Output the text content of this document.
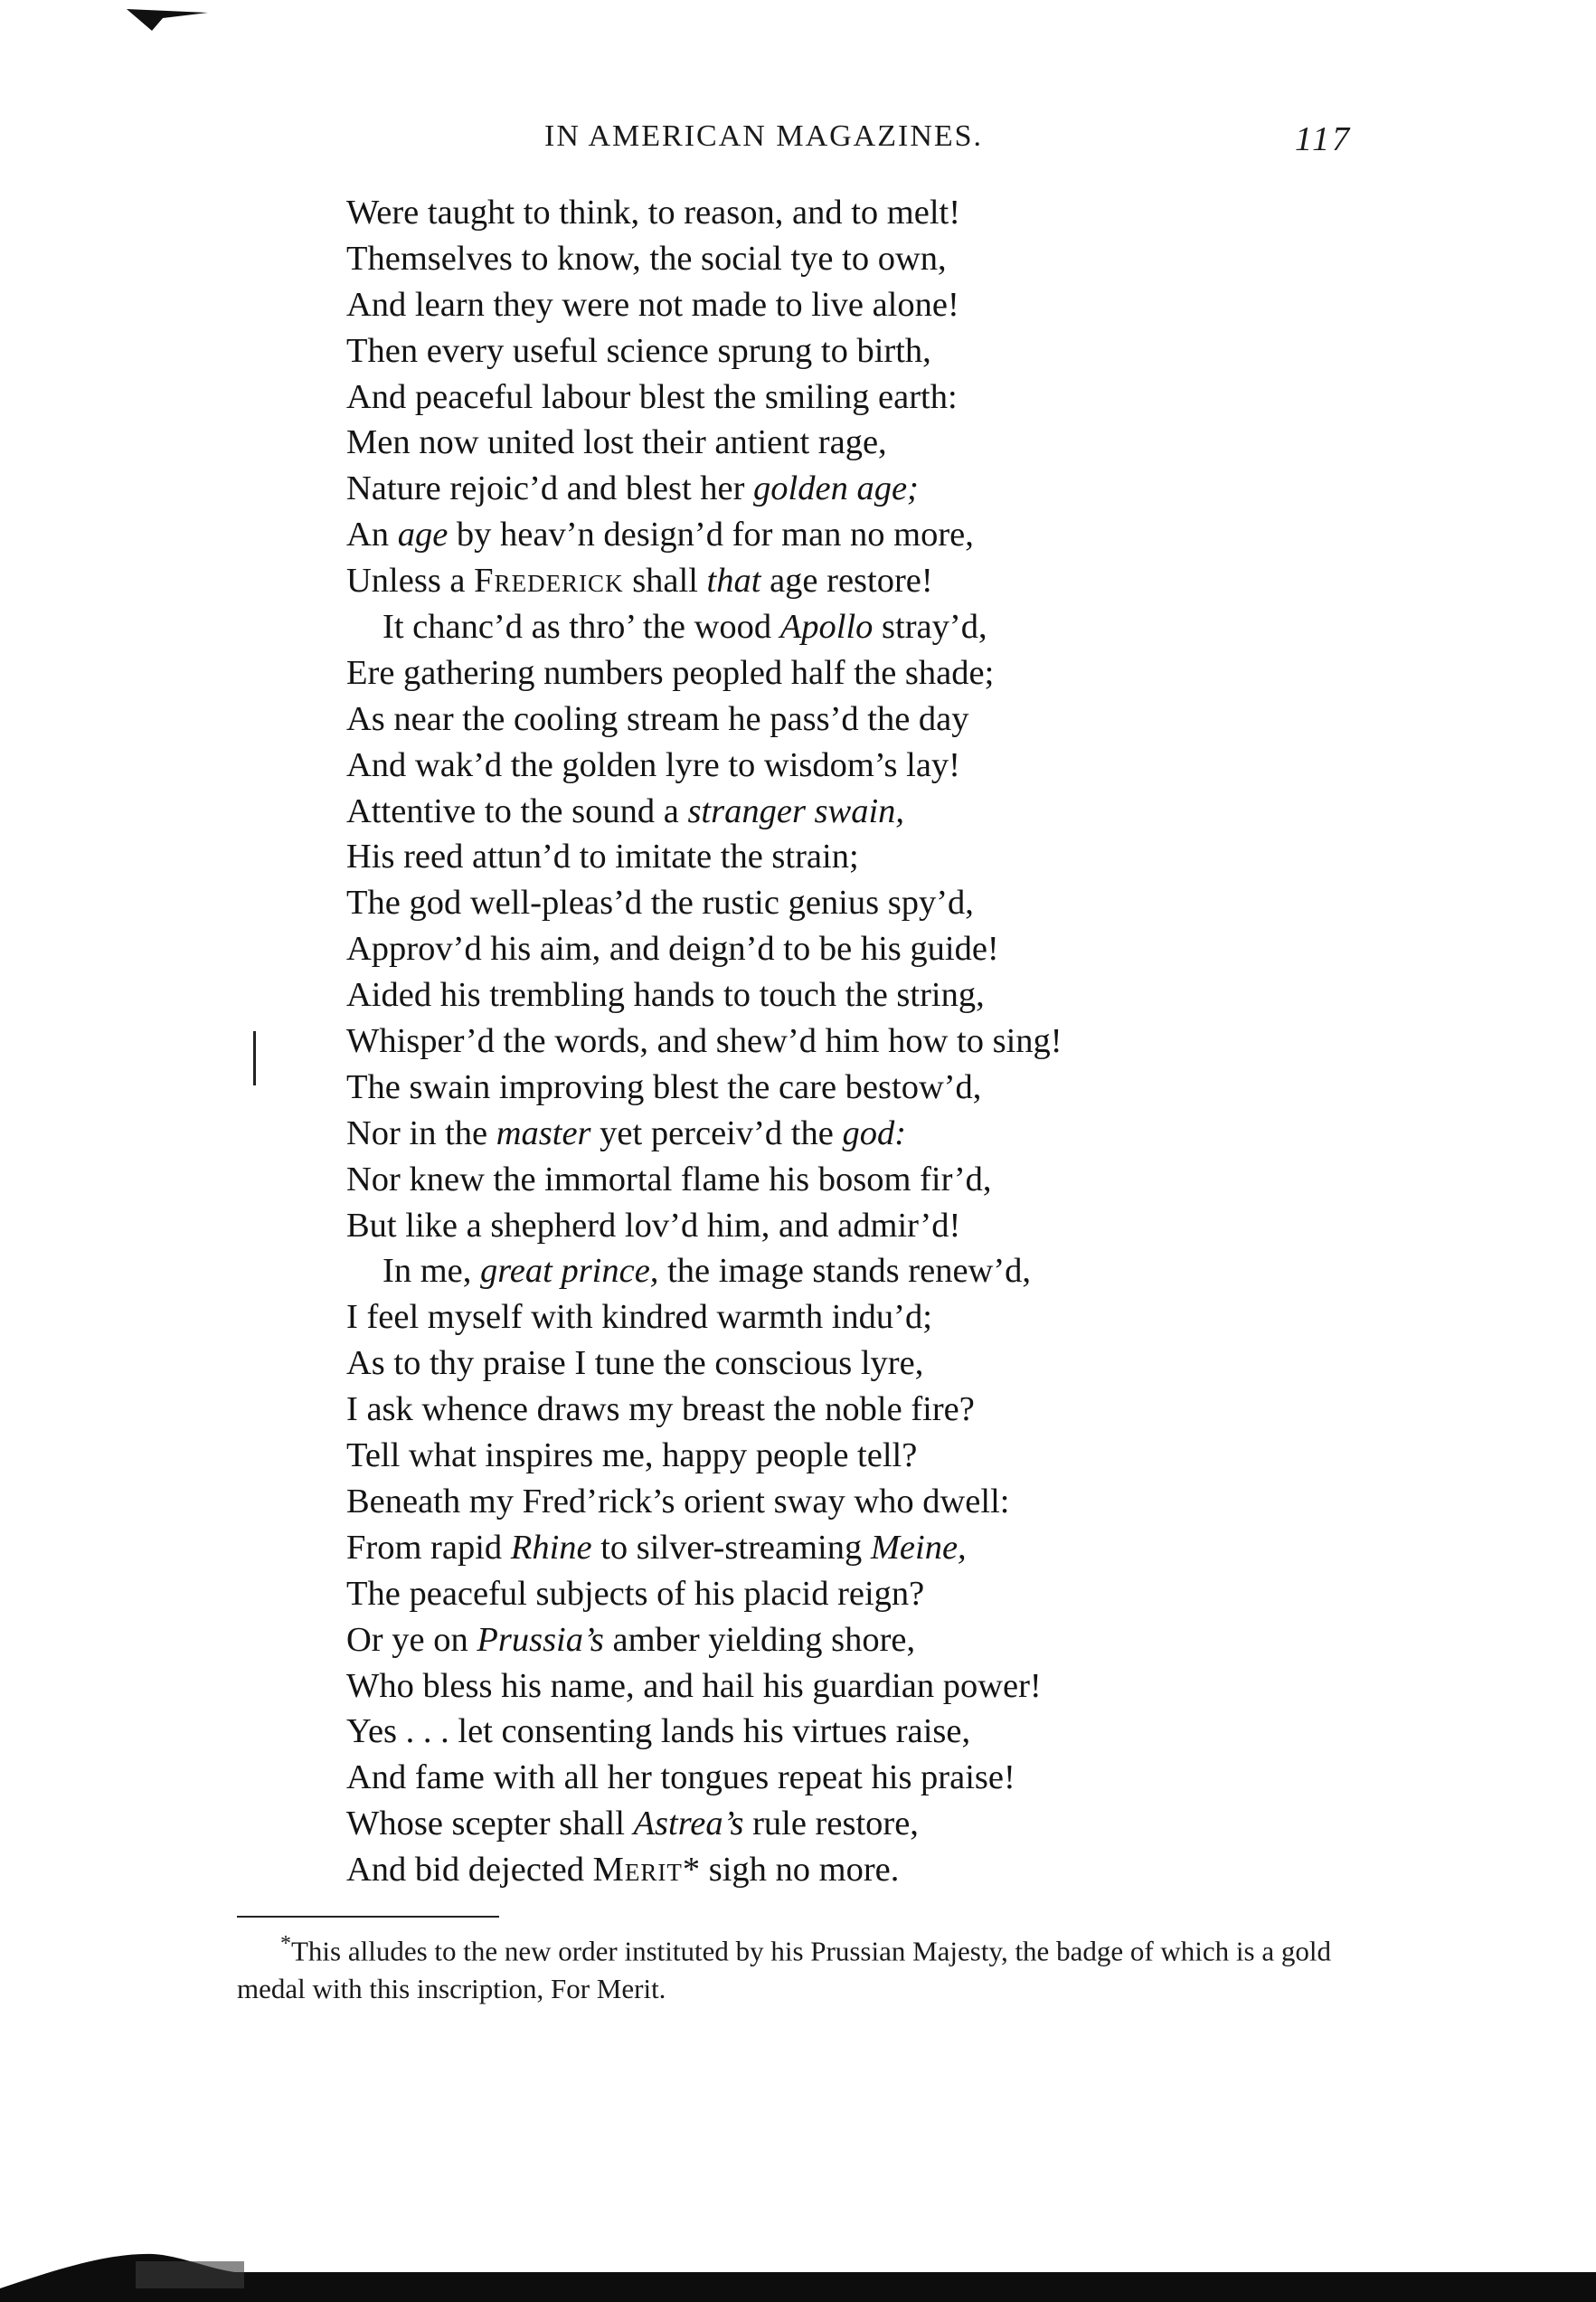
IN AMERICAN MAGAZINES.	117
Were taught to think, to reason, and to melt!
Themselves to know, the social tye to own,
And learn they were not made to live alone!
Then every useful science sprung to birth,
And peaceful labour blest the smiling earth:
Men now united lost their antient rage,
Nature rejoic’d and blest her golden age;
An age by heav’n design’d for man no more,
Unless a Frederick shall that age restore!
It chanc’d as thro’ the wood Apollo stray’d,
Ere gathering numbers peopled half the shade;
As near the cooling stream he pass’d the day
And wak’d the golden lyre to wisdom’s lay!
Attentive to the sound a stranger swain,
His reed attun’d to imitate the strain;
The god well-pleas’d the rustic genius spy’d,
Approv’d his aim, and deign’d to be his guide!
Aided his trembling hands to touch the string,
Whisper’d the words, and shew’d him how to sing!
The swain improving blest the care bestow’d,
Nor in the master yet perceiv’d the god:
Nor knew the immortal flame his bosom fir’d,
But like a shepherd lov’d him, and admir’d!
In me, great prince, the image stands renew’d,
I feel myself with kindred warmth indu’d;
As to thy praise I tune the conscious lyre,
I ask whence draws my breast the noble fire?
Tell what inspires me, happy people tell?
Beneath my Fred’rick’s orient sway who dwell:
From rapid Rhine to silver-streaming Meine,
The peaceful subjects of his placid reign?
Or ye on Prussia’s amber yielding shore,
Who bless his name, and hail his guardian power!
Yes . . . let consenting lands his virtues raise,
And fame with all her tongues repeat his praise!
Whose scepter shall Astrea’s rule restore,
And bid dejected Merit* sigh no more.
*This alludes to the new order instituted by his Prussian Majesty, the badge of which is a gold medal with this inscription, For Merit.
